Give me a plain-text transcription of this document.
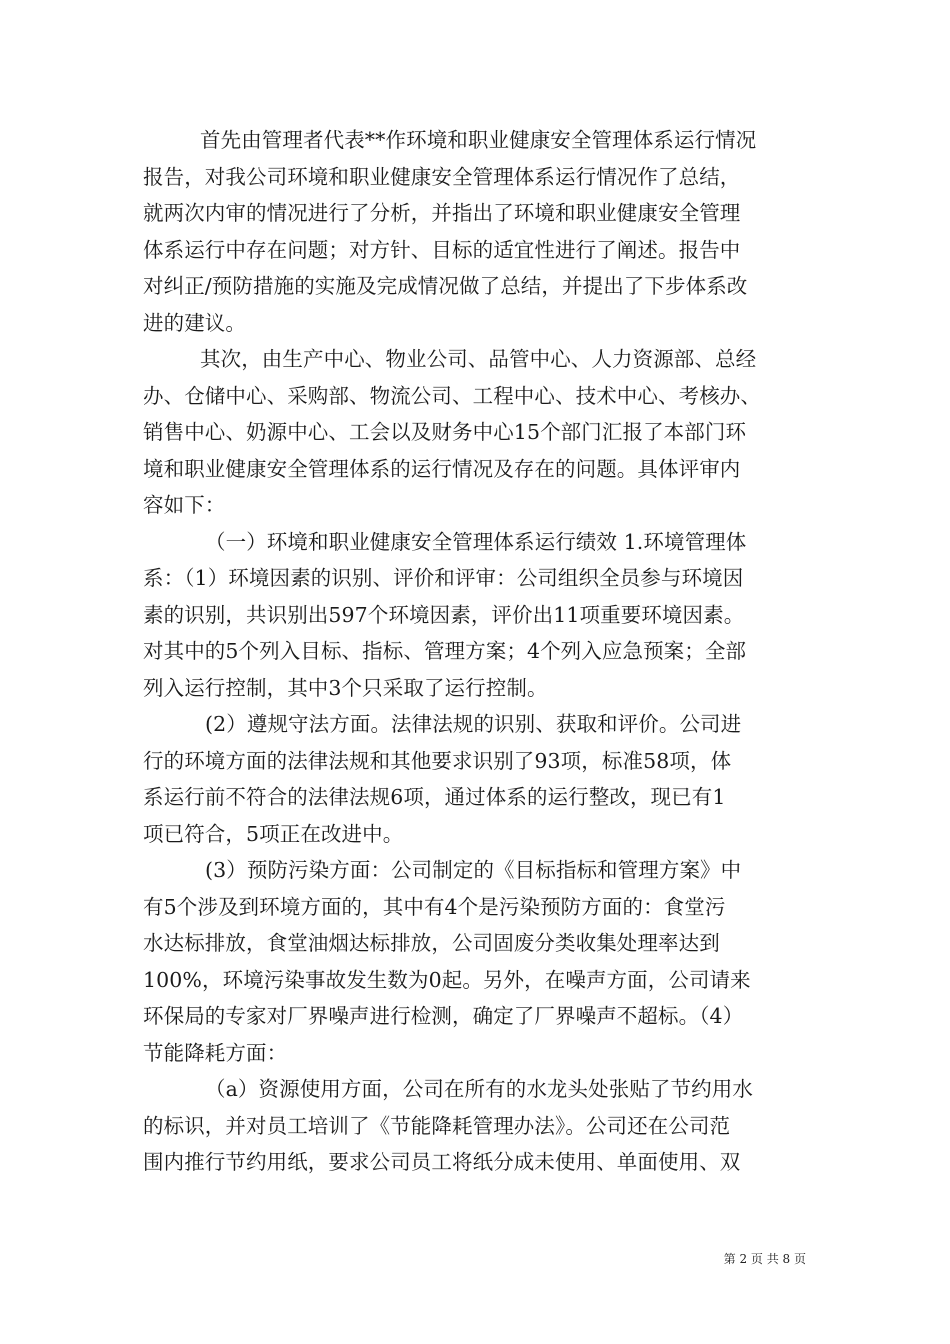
首先由管理者代表**作环境和职业健康安全管理体系运行情况
报告，对我公司环境和职业健康安全管理体系运行情况作了总结，
就两次内审的情况进行了分析，并指出了环境和职业健康安全管理
体系运行中存在问题；对方针、目标的适宜性进行了阐述。报告中
对纠正/预防措施的实施及完成情况做了总结，并提出了下步体系改
进的建议。
其次，由生产中心、物业公司、品管中心、人力资源部、总经
办、仓储中心、采购部、物流公司、工程中心、技术中心、考核办、
销售中心、奶源中心、工会以及财务中心15个部门汇报了本部门环
境和职业健康安全管理体系的运行情况及存在的问题。具体评审内
容如下：
（一）环境和职业健康安全管理体系运行绩效 1.环境管理体
系：（1）环境因素的识别、评价和评审：公司组织全员参与环境因
素的识别，共识别出597个环境因素，评价出11项重要环境因素。
对其中的5个列入目标、指标、管理方案；4个列入应急预案；全部
列入运行控制，其中3个只采取了运行控制。
(2）遵规守法方面。法律法规的识别、获取和评价。公司进
行的环境方面的法律法规和其他要求识别了93项，标准58项，体
系运行前不符合的法律法规6项，通过体系的运行整改，现已有1
项已符合，5项正在改进中。
(3）预防污染方面：公司制定的《目标指标和管理方案》中
有5个涉及到环境方面的，其中有4个是污染预防方面的：食堂污
水达标排放，食堂油烟达标排放，公司固废分类收集处理率达到
100%，环境污染事故发生数为0起。另外，在噪声方面，公司请来
环保局的专家对厂界噪声进行检测，确定了厂界噪声不超标。（4）
节能降耗方面：
（a）资源使用方面，公司在所有的水龙头处张贴了节约用水
的标识，并对员工培训了《节能降耗管理办法》。公司还在公司范
围内推行节约用纸，要求公司员工将纸分成未使用、单面使用、双
第 2 页 共 8 页
